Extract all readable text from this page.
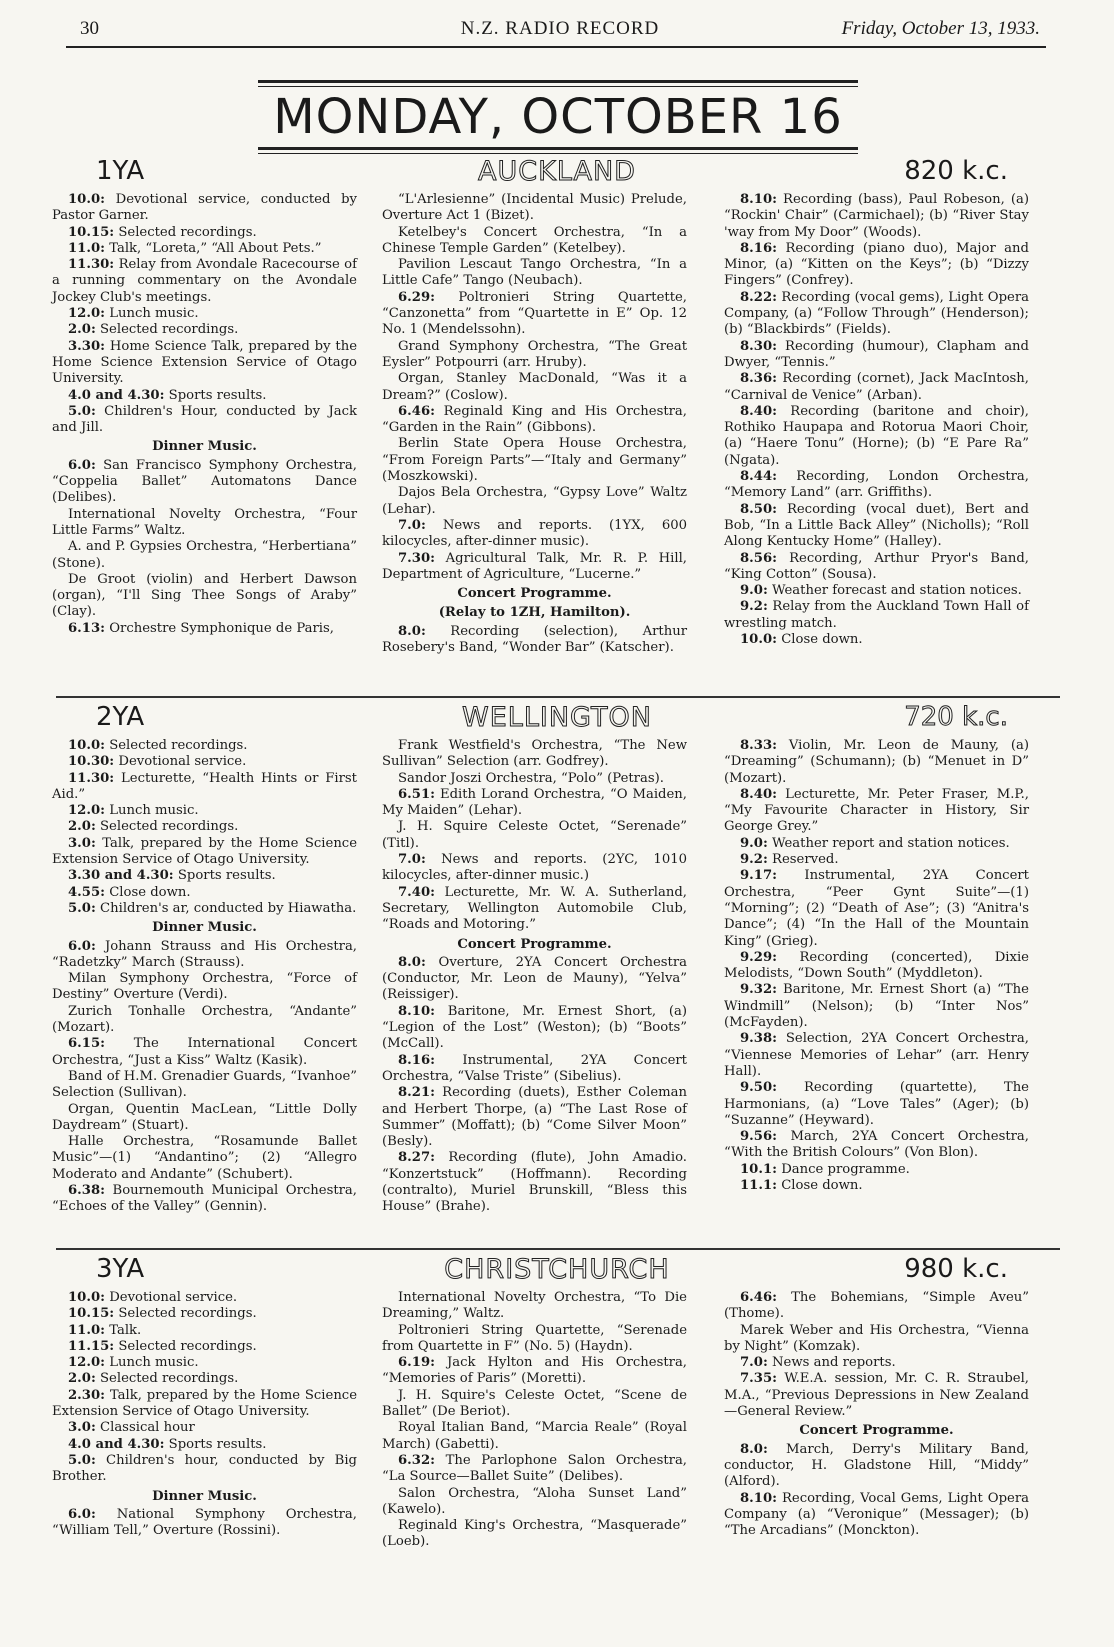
30	N.Z. RADIO RECORD	Friday, October 13, 1933.
MONDAY, OCTOBER 16
1YA	AUCKLAND	820 k.c.

10.0: Devotional service, conducted by Pastor Garner.

10.15: Selected recordings.

11.0: Talk, “Loreta,” “All About Pets.”

11.30: Relay from Avondale Racecourse of a running commentary on the Avondale Jockey Club's meetings.

12.0: Lunch music.

2.0: Selected recordings.

3.30: Home Science Talk, prepared by the Home Science Extension Service of Otago University.

4.0 and 4.30: Sports results.

5.0: Children's Hour, conducted by Jack and Jill.

Dinner Music.

6.0: San Francisco Symphony Orchestra, “Coppelia Ballet” Automatons Dance (Delibes).

International Novelty Orchestra, “Four Little Farms” Waltz.

A. and P. Gypsies Orchestra, “Herbertiana” (Stone).

De Groot (violin) and Herbert Dawson (organ), “I'll Sing Thee Songs of Araby” (Clay).

6.13: Orchestre Symphonique de Paris,

“L'Arlesienne” (Incidental Music) Prelude, Overture Act 1 (Bizet).

Ketelbey's Concert Orchestra, “In a Chinese Temple Garden” (Ketelbey).

Pavilion Lescaut Tango Orchestra, “In a Little Cafe” Tango (Neubach).

6.29: Poltronieri String Quartette, “Canzonetta” from “Quartette in E” Op. 12 No. 1 (Mendelssohn).

Grand Symphony Orchestra, “The Great Eysler” Potpourri (arr. Hruby).

Organ, Stanley MacDonald, “Was it a Dream?” (Coslow).

6.46: Reginald King and His Orchestra, “Garden in the Rain” (Gibbons).

Berlin State Opera House Orchestra, “From Foreign Parts”—“Italy and Germany” (Moszkowski).

Dajos Bela Orchestra, “Gypsy Love” Waltz (Lehar).

7.0: News and reports. (1YX, 600 kilocycles, after-dinner music).

7.30: Agricultural Talk, Mr. R. P. Hill, Department of Agriculture, “Lucerne.”

Concert Programme.

(Relay to 1ZH, Hamilton).

8.0: Recording (selection), Arthur Rosebery's Band, “Wonder Bar” (Katscher).

8.10: Recording (bass), Paul Robeson, (a) “Rockin' Chair” (Carmichael); (b) “River Stay 'way from My Door” (Woods).

8.16: Recording (piano duo), Major and Minor, (a) “Kitten on the Keys”; (b) “Dizzy Fingers” (Confrey).

8.22: Recording (vocal gems), Light Opera Company, (a) “Follow Through” (Henderson); (b) “Blackbirds” (Fields).

8.30: Recording (humour), Clapham and Dwyer, “Tennis.”

8.36: Recording (cornet), Jack MacIntosh, “Carnival de Venice” (Arban).

8.40: Recording (baritone and choir), Rothiko Haupapa and Rotorua Maori Choir, (a) “Haere Tonu” (Horne); (b) “E Pare Ra” (Ngata).

8.44: Recording, London Orchestra, “Memory Land” (arr. Griffiths).

8.50: Recording (vocal duet), Bert and Bob, “In a Little Back Alley” (Nicholls); “Roll Along Kentucky Home” (Halley).

8.56: Recording, Arthur Pryor's Band, “King Cotton” (Sousa).

9.0: Weather forecast and station notices.

9.2: Relay from the Auckland Town Hall of wrestling match.

10.0: Close down.

2YA	WELLINGTON	720 k.c.

10.0: Selected recordings.

10.30: Devotional service.

11.30: Lecturette, “Health Hints or First Aid.”

12.0: Lunch music.

2.0: Selected recordings.

3.0: Talk, prepared by the Home Science Extension Service of Otago University.

3.30 and 4.30: Sports results.

4.55: Close down.

5.0: Children's ar, conducted by Hiawatha.

Dinner Music.

6.0: Johann Strauss and His Orchestra, “Radetzky” March (Strauss).

Milan Symphony Orchestra, “Force of Destiny” Overture (Verdi).

Zurich Tonhalle Orchestra, “Andante” (Mozart).

6.15: The International Concert Orchestra, “Just a Kiss” Waltz (Kasik).

Band of H.M. Grenadier Guards, “Ivanhoe” Selection (Sullivan).

Organ, Quentin MacLean, “Little Dolly Daydream” (Stuart).

Halle Orchestra, “Rosamunde Ballet Music”—(1) “Andantino”; (2) “Allegro Moderato and Andante” (Schubert).

6.38: Bournemouth Municipal Orchestra, “Echoes of the Valley” (Gennin).

Frank Westfield's Orchestra, “The New Sullivan” Selection (arr. Godfrey).

Sandor Joszi Orchestra, “Polo” (Petras).

6.51: Edith Lorand Orchestra, “O Maiden, My Maiden” (Lehar).

J. H. Squire Celeste Octet, “Serenade” (Titl).

7.0: News and reports. (2YC, 1010 kilocycles, after-dinner music.)

7.40: Lecturette, Mr. W. A. Sutherland, Secretary, Wellington Automobile Club, “Roads and Motoring.”

Concert Programme.

8.0: Overture, 2YA Concert Orchestra (Conductor, Mr. Leon de Mauny), “Yelva” (Reissiger).

8.10: Baritone, Mr. Ernest Short, (a) “Legion of the Lost” (Weston); (b) “Boots” (McCall).

8.16: Instrumental, 2YA Concert Orchestra, “Valse Triste” (Sibelius).

8.21: Recording (duets), Esther Coleman and Herbert Thorpe, (a) “The Last Rose of Summer” (Moffatt); (b) “Come Silver Moon” (Besly).

8.27: Recording (flute), John Amadio. “Konzertstuck” (Hoffmann). Recording (contralto), Muriel Brunskill, “Bless this House” (Brahe).

8.33: Violin, Mr. Leon de Mauny, (a) “Dreaming” (Schumann); (b) “Menuet in D” (Mozart).

8.40: Lecturette, Mr. Peter Fraser, M.P., “My Favourite Character in History, Sir George Grey.”

9.0: Weather report and station notices.

9.2: Reserved.

9.17: Instrumental, 2YA Concert Orchestra, “Peer Gynt Suite”—(1) “Morning”; (2) “Death of Ase”; (3) “Anitra's Dance”; (4) “In the Hall of the Mountain King” (Grieg).

9.29: Recording (concerted), Dixie Melodists, “Down South” (Myddleton).

9.32: Baritone, Mr. Ernest Short (a) “The Windmill” (Nelson); (b) “Inter Nos” (McFayden).

9.38: Selection, 2YA Concert Orchestra, “Viennese Memories of Lehar” (arr. Henry Hall).

9.50: Recording (quartette), The Harmonians, (a) “Love Tales” (Ager); (b) “Suzanne” (Heyward).

9.56: March, 2YA Concert Orchestra, “With the British Colours” (Von Blon).

10.1: Dance programme.

11.1: Close down.

3YA	CHRISTCHURCH	980 k.c.

10.0: Devotional service.

10.15: Selected recordings.

11.0: Talk.

11.15: Selected recordings.

12.0: Lunch music.

2.0: Selected recordings.

2.30: Talk, prepared by the Home Science Extension Service of Otago University.

3.0: Classical hour

4.0 and 4.30: Sports results.

5.0: Children's hour, conducted by Big Brother.

Dinner Music.

6.0: National Symphony Orchestra, “William Tell,” Overture (Rossini).

International Novelty Orchestra, “To Die Dreaming,” Waltz.

Poltronieri String Quartette, “Serenade from Quartette in F” (No. 5) (Haydn).

6.19: Jack Hylton and His Orchestra, “Memories of Paris” (Moretti).

J. H. Squire's Celeste Octet, “Scene de Ballet” (De Beriot).

Royal Italian Band, “Marcia Reale” (Royal March) (Gabetti).

6.32: The Parlophone Salon Orchestra, “La Source—Ballet Suite” (Delibes).

Salon Orchestra, “Aloha Sunset Land” (Kawelo).

Reginald King's Orchestra, “Masquerade” (Loeb).

6.46: The Bohemians, “Simple Aveu” (Thome).

Marek Weber and His Orchestra, “Vienna by Night” (Komzak).

7.0: News and reports.

7.35: W.E.A. session, Mr. C. R. Straubel, M.A., “Previous Depressions in New Zealand—General Review.”

Concert Programme.

8.0: March, Derry's Military Band, conductor, H. Gladstone Hill, “Middy” (Alford).

8.10: Recording, Vocal Gems, Light Opera Company (a) “Veronique” (Messager); (b) “The Arcadians” (Monckton).
